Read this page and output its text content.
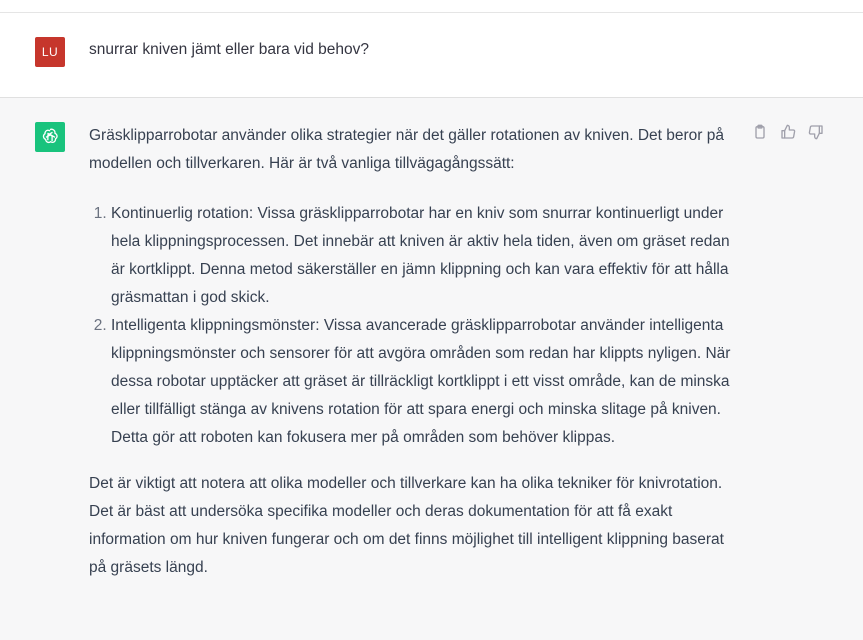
LU	snurrar kniven jämt eller bara vid behov?

Gräsklipparrobotar använder olika strategier när det gäller rotationen av kniven. Det beror på modellen och tillverkaren. Här är två vanliga tillvägagångssätt:

1. Kontinuerlig rotation: Vissa gräsklipparrobotar har en kniv som snurrar kontinuerligt under hela klippningsprocessen. Det innebär att kniven är aktiv hela tiden, även om gräset redan är kortklippt. Denna metod säkerställer en jämn klippning och kan vara effektiv för att hålla gräsmattan i god skick.
2. Intelligenta klippningsmönster: Vissa avancerade gräsklipparrobotar använder intelligenta klippningsmönster och sensorer för att avgöra områden som redan har klippts nyligen. När dessa robotar upptäcker att gräset är tillräckligt kortklippt i ett visst område, kan de minska eller tillfälligt stänga av knivens rotation för att spara energi och minska slitage på kniven. Detta gör att roboten kan fokusera mer på områden som behöver klippas.

Det är viktigt att notera att olika modeller och tillverkare kan ha olika tekniker för knivrotation. Det är bäst att undersöka specifika modeller och deras dokumentation för att få exakt information om hur kniven fungerar och om det finns möjlighet till intelligent klippning baserat på gräsets längd.
